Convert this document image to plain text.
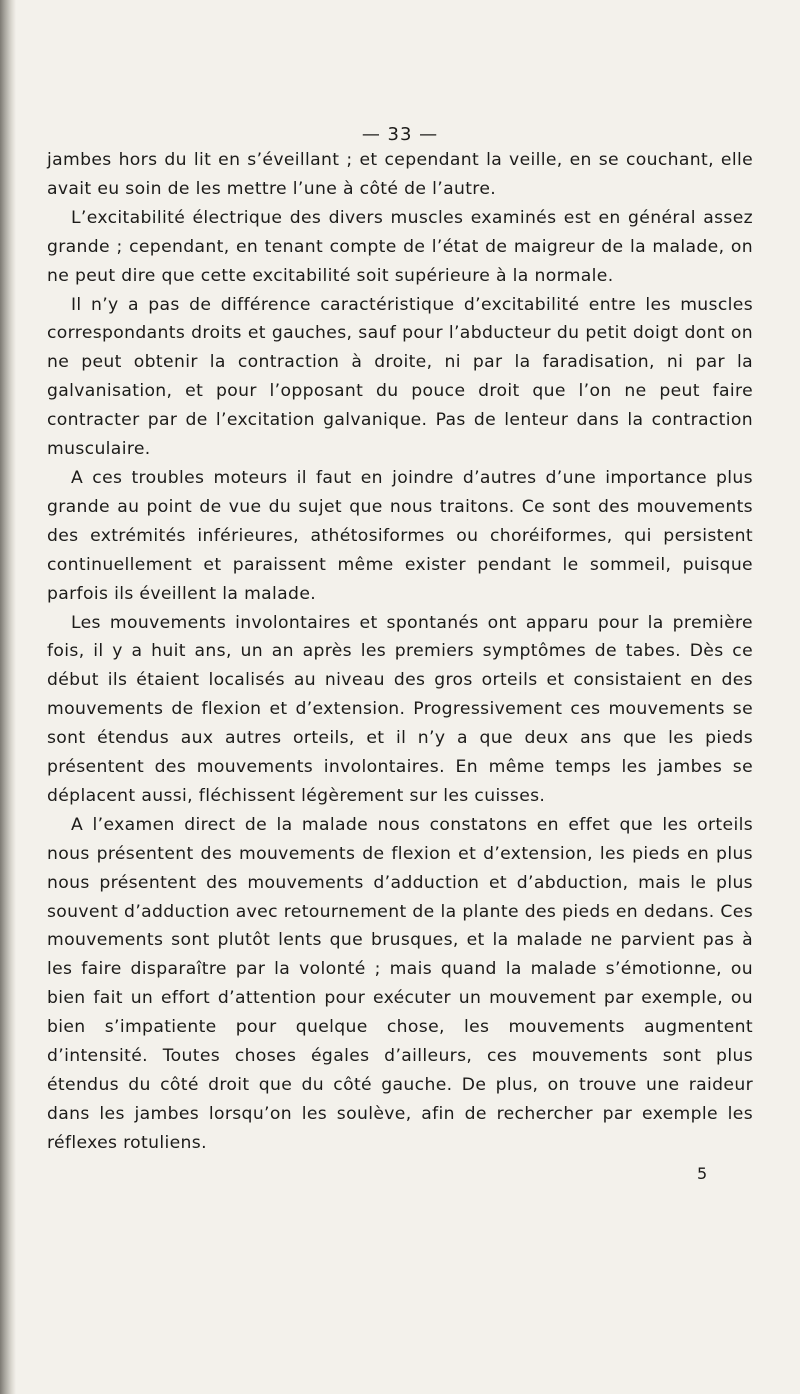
— 33 —

jambes hors du lit en s’éveillant ; et cependant la veille, en se couchant, elle avait eu soin de les mettre l’une à côté de l’autre.

L’excitabilité électrique des divers muscles examinés est en général assez grande ; cependant, en tenant compte de l’état de maigreur de la malade, on ne peut dire que cette excitabilité soit supérieure à la normale.

Il n’y a pas de différence caractéristique d’excitabilité entre les muscles correspondants droits et gauches, sauf pour l’abducteur du petit doigt dont on ne peut obtenir la contraction à droite, ni par la faradisation, ni par la galvanisation, et pour l’opposant du pouce droit que l’on ne peut faire contracter par de l’excitation galvanique. Pas de lenteur dans la contraction musculaire.

A ces troubles moteurs il faut en joindre d’autres d’une importance plus grande au point de vue du sujet que nous traitons. Ce sont des mouvements des extrémités inférieures, athétosiformes ou choréiformes, qui persistent continuellement et paraissent même exister pendant le sommeil, puisque parfois ils éveillent la malade.

Les mouvements involontaires et spontanés ont apparu pour la première fois, il y a huit ans, un an après les premiers symptômes de tabes. Dès ce début ils étaient localisés au niveau des gros orteils et consistaient en des mouvements de flexion et d’extension. Progressivement ces mouvements se sont étendus aux autres orteils, et il n’y a que deux ans que les pieds présentent des mouvements involontaires. En même temps les jambes se déplacent aussi, fléchissent légèrement sur les cuisses.

A l’examen direct de la malade nous constatons en effet que les orteils nous présentent des mouvements de flexion et d’extension, les pieds en plus nous présentent des mouvements d’adduction et d’abduction, mais le plus souvent d’adduction avec retournement de la plante des pieds en dedans. Ces mouvements sont plutôt lents que brusques, et la malade ne parvient pas à les faire disparaître par la volonté ; mais quand la malade s’émotionne, ou bien fait un effort d’attention pour exécuter un mouvement par exemple, ou bien s’impatiente pour quelque chose, les mouvements augmentent d’intensité. Toutes choses égales d’ailleurs, ces mouvements sont plus étendus du côté droit que du côté gauche. De plus, on trouve une raideur dans les jambes lorsqu’on les soulève, afin de rechercher par exemple les réflexes rotuliens.

5
